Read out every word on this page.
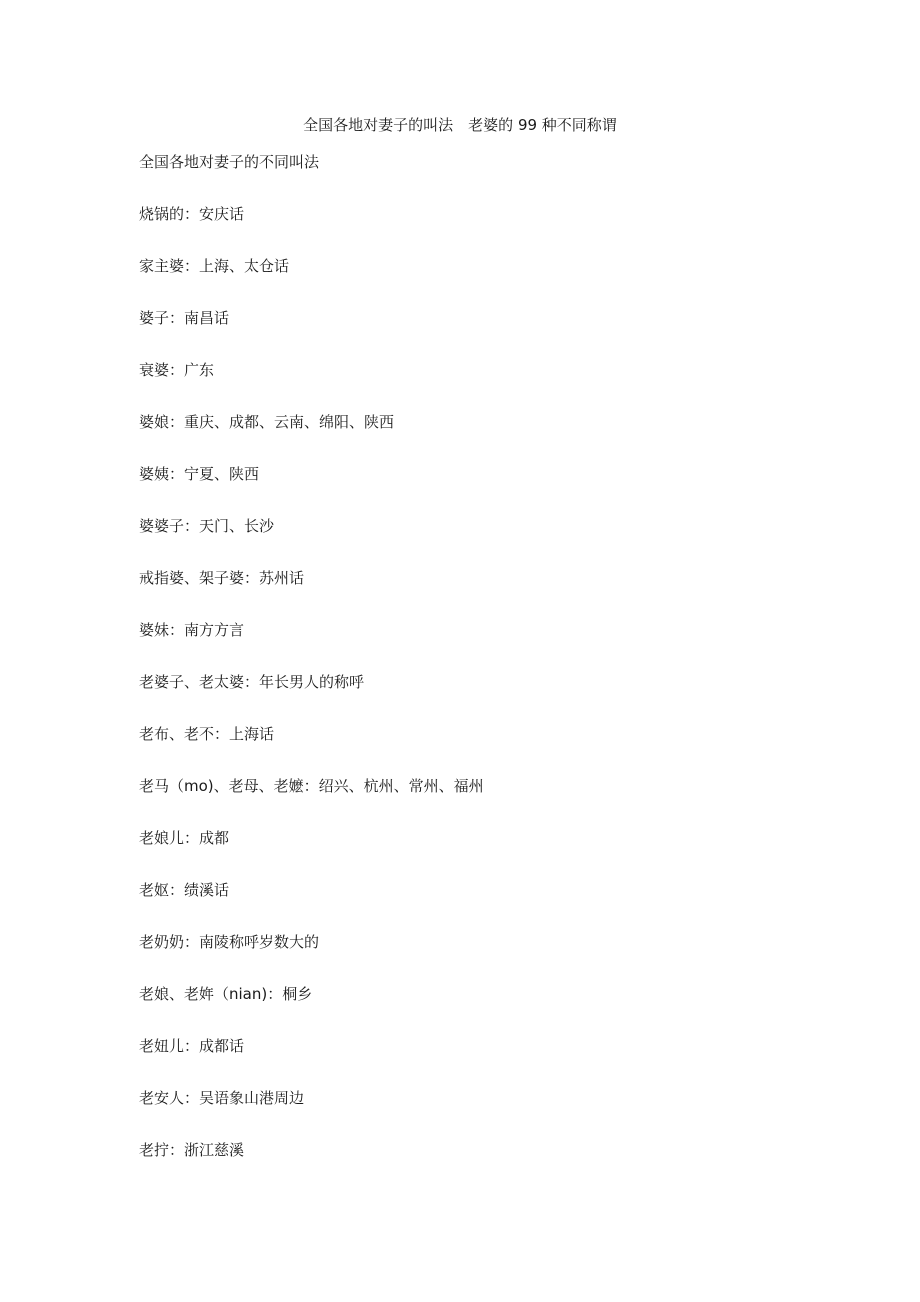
全国各地对妻子的叫法　老婆的 99 种不同称谓
全国各地对妻子的不同叫法
烧锅的：安庆话
家主婆：上海、太仓话
婆子：南昌话
衰婆：广东
婆娘：重庆、成都、云南、绵阳、陕西
婆姨：宁夏、陕西
婆婆子：天门、长沙
戒指婆、架子婆：苏州话
婆妹：南方方言
老婆子、老太婆：年长男人的称呼
老布、老不：上海话
老马（mo)、老母、老嬷：绍兴、杭州、常州、福州
老娘儿：成都
老妪：绩溪话
老奶奶：南陵称呼岁数大的
老娘、老姩（nian)：桐乡
老妞儿：成都话
老安人：吴语象山港周边
老拧：浙江慈溪
